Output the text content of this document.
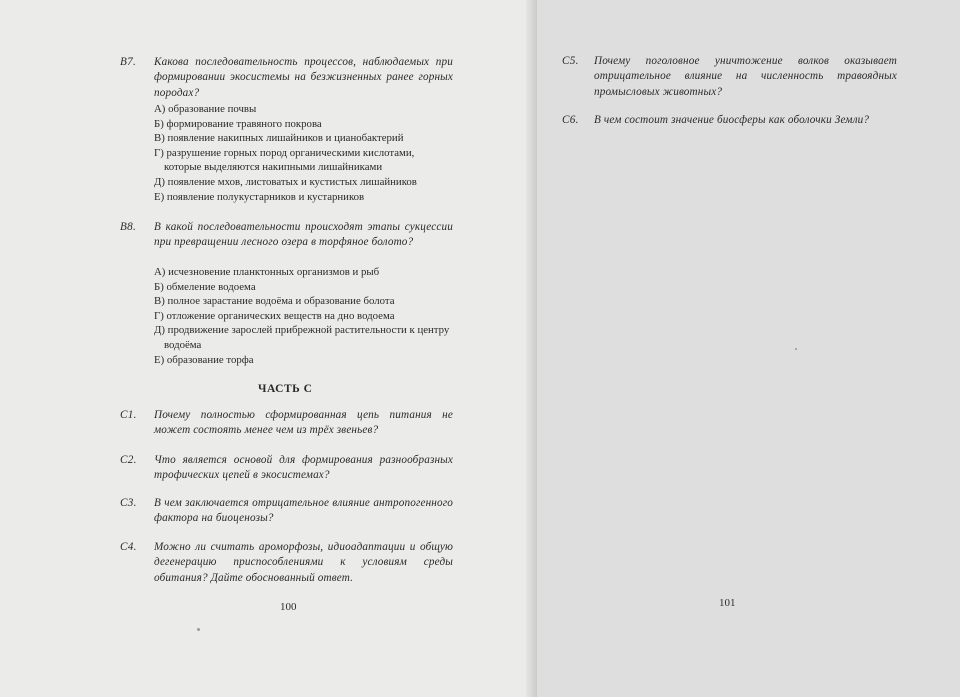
B7. Какова последовательность процессов, наблюдаемых при формировании экосистемы на безжизненных ранее горных породах?
А) образование почвы
Б) формирование травяного покрова
В) появление накипных лишайников и цианобактерий
Г) разрушение горных пород органическими кислотами, которые выделяются накипными лишайниками
Д) появление мхов, листоватых и кустистых лишайников
Е) появление полукустарников и кустарников
B8. В какой последовательности происходят этапы сукцессии при превращении лесного озера в торфяное болото?
А) исчезновение планктонных организмов и рыб
Б) обмеление водоема
В) полное зарастание водоёма и образование болота
Г) отложение органических веществ на дно водоема
Д) продвижение зарослей прибрежной растительности к центру водоёма
Е) образование торфа
ЧАСТЬ С
C1. Почему полностью сформированная цепь питания не может состоять менее чем из трёх звеньев?
C2. Что является основой для формирования разнообразных трофических цепей в экосистемах?
C3. В чем заключается отрицательное влияние антропогенного фактора на биоценозы?
C4. Можно ли считать ароморфозы, идиоадаптации и общую дегенерацию приспособлениями к условиям среды обитания? Дайте обоснованный ответ.
100
C5. Почему поголовное уничтожение волков оказывает отрицательное влияние на численность травоядных промысловых животных?
C6. В чем состоит значение биосферы как оболочки Земли?
101
